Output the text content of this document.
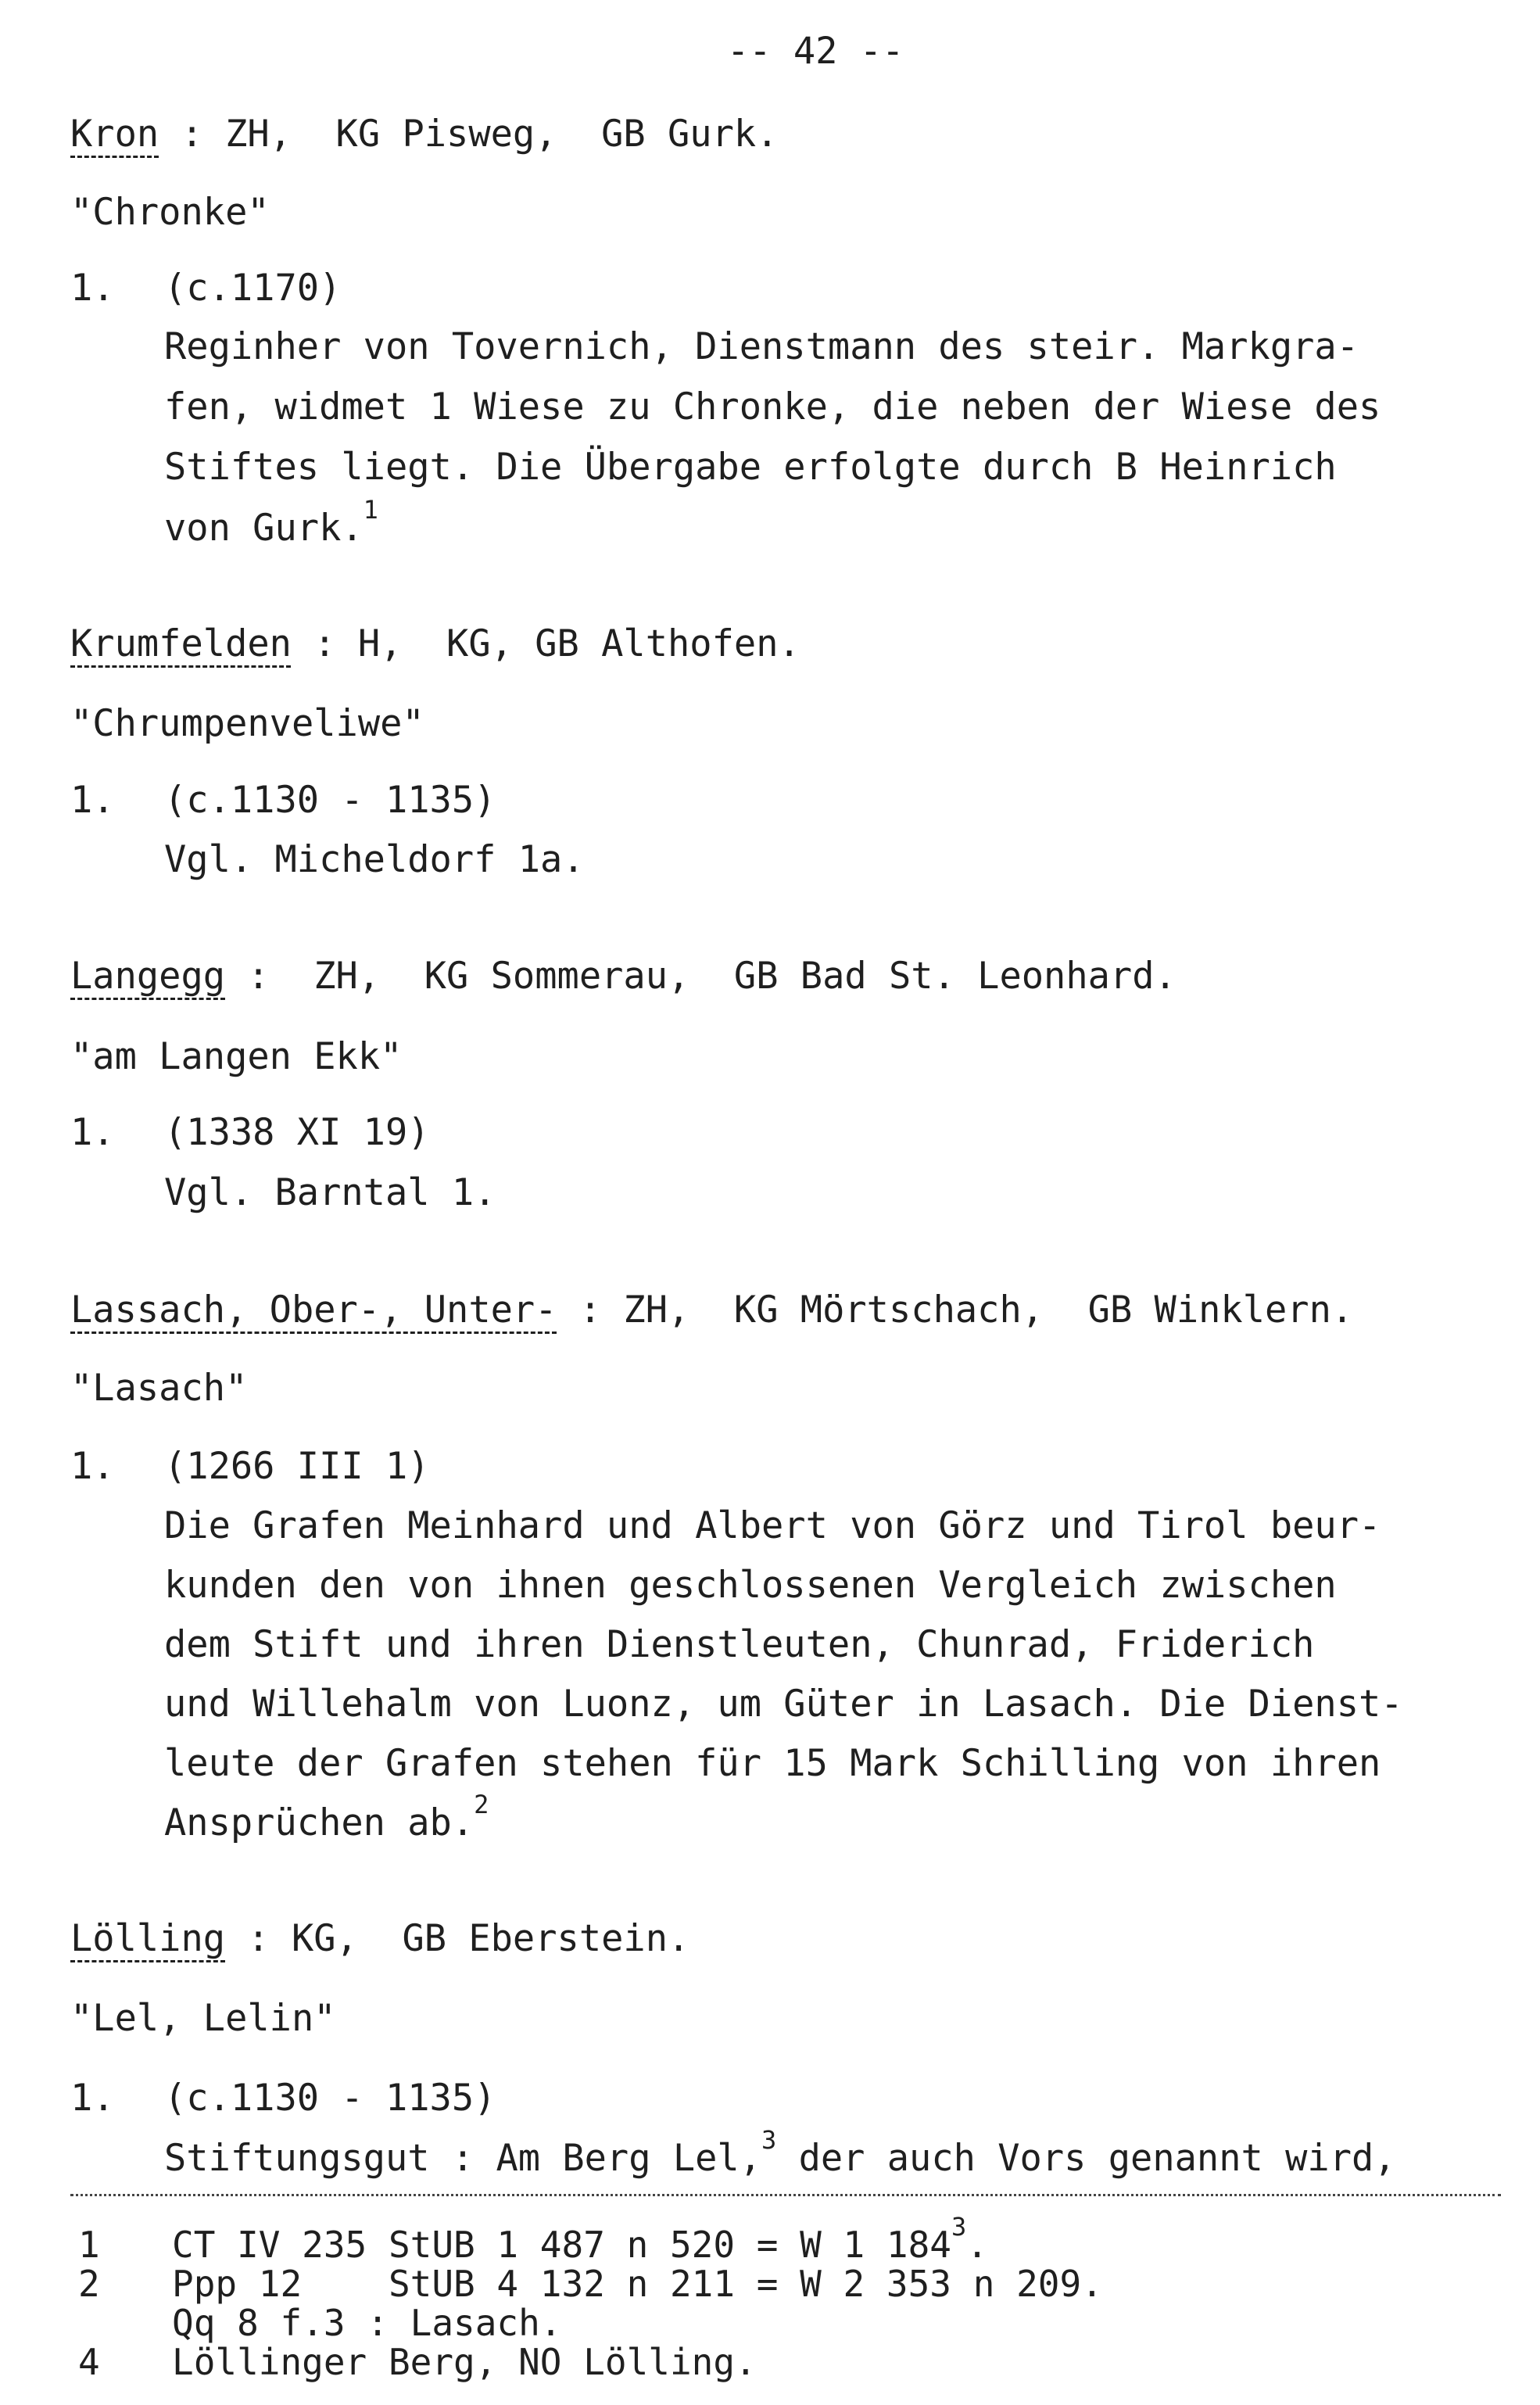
-- 42 --
Kron : ZH,  KG Pisweg,  GB Gurk.
"Chronke"
1. (c.1170)
Reginher von Tovernich, Dienstmann des steir. Markgra-
fen, widmet 1 Wiese zu Chronke, die neben der Wiese des
Stiftes liegt. Die Übergabe erfolgte durch B Heinrich
von Gurk.$^1$
Krumfelden : H,  KG, GB Althofen.
"Chrumpenveliwe"
1. (c.1130 - 1135)
Vgl. Micheldorf 1a.
Langegg :  ZH,  KG Sommerau,  GB Bad St. Leonhard.
"am Langen Ekk"
1. (1338 XI 19)
Vgl. Barntal 1.
Lassach, Ober-, Unter- : ZH,  KG Mörtschach,  GB Winklern.
"Lasach"
1. (1266 III 1)
Die Grafen Meinhard und Albert von Görz und Tirol beur-
kunden den von ihnen geschlossenen Vergleich zwischen
dem Stift und ihren Dienstleuten, Chunrad, Friderich
und Willehalm von Luonz, um Güter in Lasach. Die Dienst-
leute der Grafen stehen für 15 Mark Schilling von ihren
Ansprüchen ab.$^2$
Lölling : KG,  GB Eberstein.
"Lel, Lelin"
1. (c.1130 - 1135)
Stiftungsgut : Am Berg Lel,$^3$ der auch Vors genannt wird,
1 CT IV 235 StUB 1 487 n 520 = W 1 $184^3$.
2 Ppp 12    StUB 4 132 n 211 = W 2 353 n 209.
Qq 8 f.3 : Lasach.
4 Löllinger Berg, NO Lölling.
